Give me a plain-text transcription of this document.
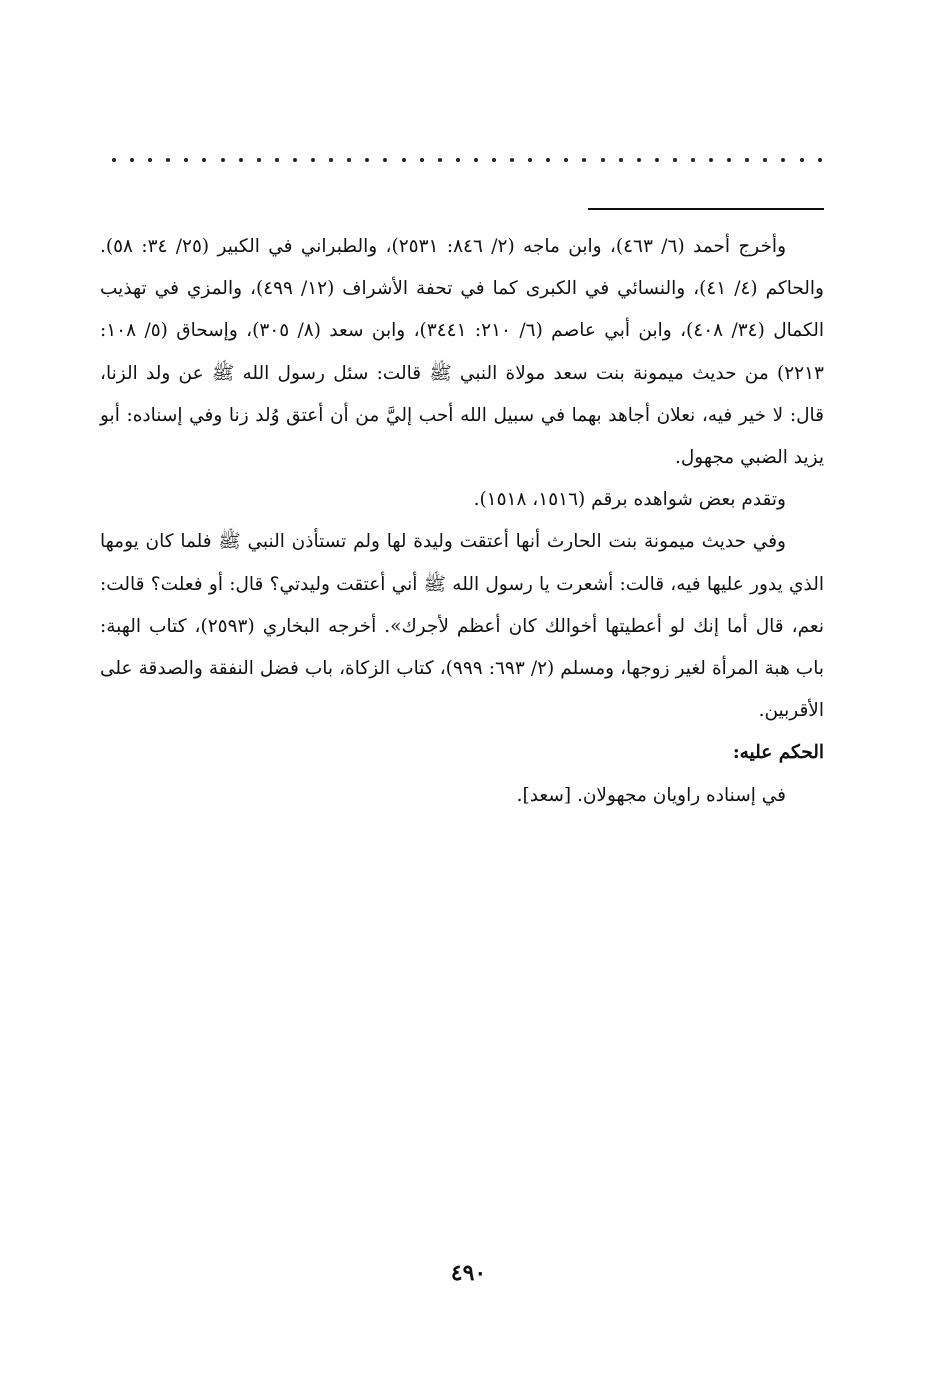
وأخرج أحمد (٦/ ٤٦٣)، وابن ماجه (٢/ ٨٤٦: ٢٥٣١)، والطبراني في الكبير (٢٥/ ٣٤: ٥٨). والحاكم (٤/ ٤١)، والنسائي في الكبرى كما في تحفة الأشراف (١٢/ ٤٩٩)، والمزي في تهذيب الكمال (٣٤/ ٤٠٨)، وابن أبي عاصم (٦/ ٢١٠: ٣٤٤١)، وابن سعد (٨/ ٣٠٥)، وإسحاق (٥/ ١٠٨: ٢٢١٣) من حديث ميمونة بنت سعد مولاة النبي ﷺ قالت: سئل رسول الله ﷺ عن ولد الزنا، قال: لا خير فيه، نعلان أجاهد بهما في سبيل الله أحب إليَّ من أن أعتق وُلد زنا وفي إسناده: أبو يزيد الضبي مجهول.

وتقدم بعض شواهده برقم (١٥١٦، ١٥١٨).

وفي حديث ميمونة بنت الحارث أنها أعتقت وليدة لها ولم تستأذن النبي ﷺ فلما كان يومها الذي يدور عليها فيه، قالت: أشعرت يا رسول الله ﷺ أني أعتقت وليدتي؟ قال: أو فعلت؟ قالت: نعم، قال أما إنك لو أعطيتها أخوالك كان أعظم لأجرك». أخرجه البخاري (٢٥٩٣)، كتاب الهبة: باب هبة المرأة لغير زوجها، ومسلم (٢/ ٦٩٣: ٩٩٩)، كتاب الزكاة، باب فضل النفقة والصدقة على الأقربين.

الحكم عليه:

في إسناده راويان مجهولان. [سعد].

٤٩٠
